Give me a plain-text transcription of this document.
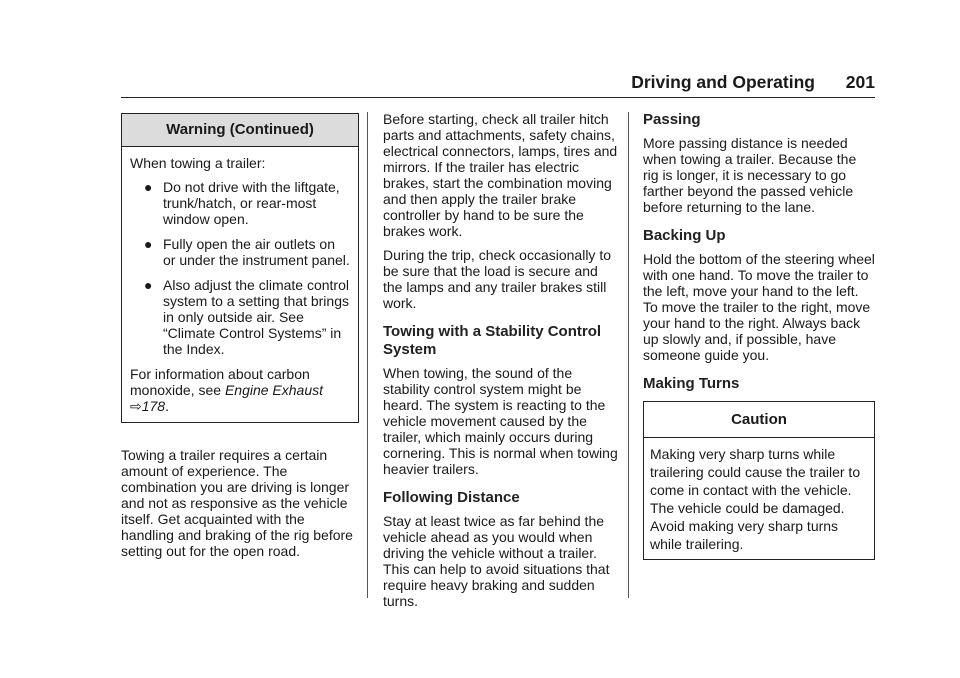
Driving and Operating 201
Warning (Continued)

When towing a trailer:

● Do not drive with the liftgate, trunk/hatch, or rear-most window open.
● Fully open the air outlets on or under the instrument panel.
● Also adjust the climate control system to a setting that brings in only outside air. See “Climate Control Systems” in the Index.

For information about carbon monoxide, see Engine Exhaust ⇨178.

Towing a trailer requires a certain amount of experience. The combination you are driving is longer and not as responsive as the vehicle itself. Get acquainted with the handling and braking of the rig before setting out for the open road.

Before starting, check all trailer hitch parts and attachments, safety chains, electrical connectors, lamps, tires and mirrors. If the trailer has electric brakes, start the combination moving and then apply the trailer brake controller by hand to be sure the brakes work.

During the trip, check occasionally to be sure that the load is secure and the lamps and any trailer brakes still work.

Towing with a Stability Control System

When towing, the sound of the stability control system might be heard. The system is reacting to the vehicle movement caused by the trailer, which mainly occurs during cornering. This is normal when towing heavier trailers.

Following Distance

Stay at least twice as far behind the vehicle ahead as you would when driving the vehicle without a trailer. This can help to avoid situations that require heavy braking and sudden turns.

Passing

More passing distance is needed when towing a trailer. Because the rig is longer, it is necessary to go farther beyond the passed vehicle before returning to the lane.

Backing Up

Hold the bottom of the steering wheel with one hand. To move the trailer to the left, move your hand to the left. To move the trailer to the right, move your hand to the right. Always back up slowly and, if possible, have someone guide you.

Making Turns
Caution
Making very sharp turns while trailering could cause the trailer to come in contact with the vehicle. The vehicle could be damaged. Avoid making very sharp turns while trailering.
